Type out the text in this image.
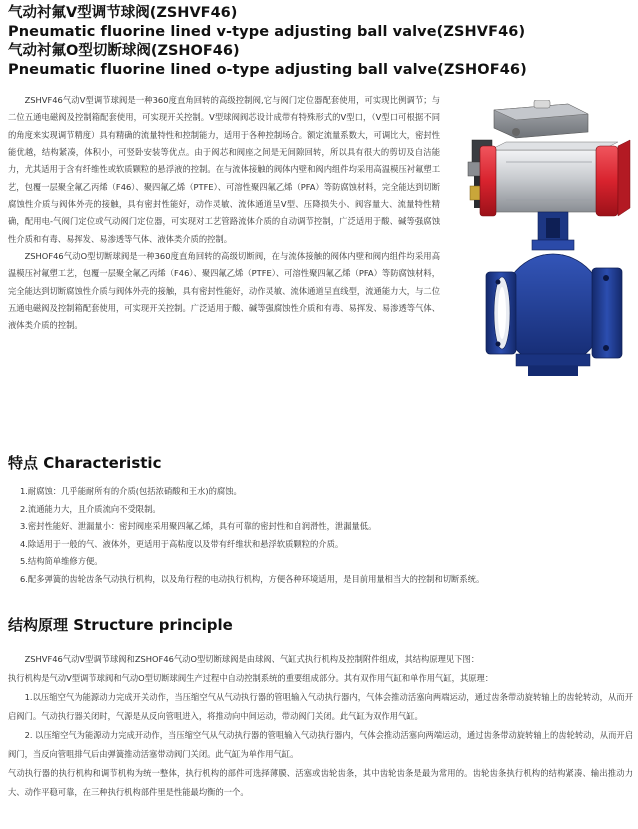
气动衬氟V型调节球阀(ZSHVF46)
Pneumatic fluorine lined v-type adjusting ball valve(ZSHVF46)
气动衬氟O型切断球阀(ZSHOF46)
Pneumatic fluorine lined o-type adjusting ball valve(ZSHOF46)

ZSHVF46气动V型调节球阀是一种360度直角回转的高级控制阀,它与阀门定位器配套使用，可实现比例调节；与二位五通电磁阀及控制箱配套使用，可实现开关控制。V型球阀阀芯设计成带有特殊形式的V型口，（V型口可根据不同的角度来实现调节精度）具有精确的流量特性和控制能力，适用于各种控制场合。额定流量系数大，可调比大，密封性能优越，结构紧凑，体积小，可竖卧安装等优点。由于阀芯和阀座之间是无间隙回转，所以具有很大的剪切及自洁能力，尤其适用于含有纤维性或软质颗粒的悬浮液的控制。在与流体接触的阀体内壁和阀内组件均采用高温模压衬氟塑工艺，包覆一层聚全氟乙丙烯（F46）、聚四氟乙烯（PTFE）、可溶性聚四氟乙烯（PFA）等防腐蚀材料，完全能达到切断腐蚀性介质与阀体外壳的接触，具有密封性能好，动作灵敏、流体通道呈V型、压降损失小、阀容量大、流量特性精确，配用电-气阀门定位或气动阀门定位器，可实现对工艺管路流体介质的自动调节控制，广泛适用于酸、碱等强腐蚀性介质和有毒、易挥发、易渗透等气体、液体类介质的控制。

ZSHOF46气动O型切断球阀是一种360度直角回转的高级切断阀，在与流体接触的阀体内壁和阀内组件均采用高温模压衬氟塑工艺，包覆一层聚全氟乙丙烯（F46）、聚四氟乙烯（PTFE）、可溶性聚四氟乙烯（PFA）等防腐蚀材料，完全能达到切断腐蚀性介质与阀体外壳的接触，具有密封性能好，动作灵敏、流体通道呈直线型，流通能力大，与二位五通电磁阀及控制箱配套使用，可实现开关控制。广泛适用于酸、碱等强腐蚀性介质和有毒、易挥发、易渗透等气体、液体类介质的控制。

特点 Characteristic
1.耐腐蚀：几乎能耐所有的介质(包括浓硝酸和王水)的腐蚀。
2.流通能力大，且介质流向不受限制。
3.密封性能好、泄漏量小：密封阀座采用聚四氟乙烯，具有可靠的密封性和自润滑性，泄漏量低。
4.除适用于一般的气、液体外，更适用于高粘度以及带有纤维状和悬浮软质颗粒的介质。
5.结构简单维修方便。
6.配多弹簧的齿轮齿条气动执行机构，以及角行程的电动执行机构，方便各种环境适用，是目前用量相当大的控制和切断系统。
结构原理 Structure principle

ZSHVF46气动V型调节球阀和ZSHOF46气动O型切断球阀是由球阀、气缸式执行机构及控制附件组成，其结构原理见下图：

执行机构是气动V型调节球阀和气动O型切断球阀生产过程中自动控制系统的重要组成部分。其有双作用气缸和单作用气缸，其原理：

1.以压缩空气为能源动力完成开关动作，当压缩空气从气动执行器的管咀输入气动执行器内，气体会推动活塞向两端运动，通过齿条带动旋转轴上的齿轮转动，从而开启阀门。气动执行器关闭时，气源是从反向管咀进入，将推动向中间运动，带动阀门关闭。此气缸为双作用气缸。

2. 以压缩空气为能源动力完成开动作，当压缩空气从气动执行器的管咀输入气动执行器内，气体会推动活塞向两端运动，通过齿条带动旋转轴上的齿轮转动，从而开启阀门，当反向管咀排气后由弹簧推动活塞带动阀门关闭。此气缸为单作用气缸。

气动执行器的执行机构和调节机构为统一整体，执行机构的部件可选择薄膜、活塞或齿轮齿条，其中齿轮齿条是最为常用的。齿轮齿条执行机构的结构紧凑、输出推动力大、动作平稳可靠，在三种执行机构部件里是性能最均衡的一个。
